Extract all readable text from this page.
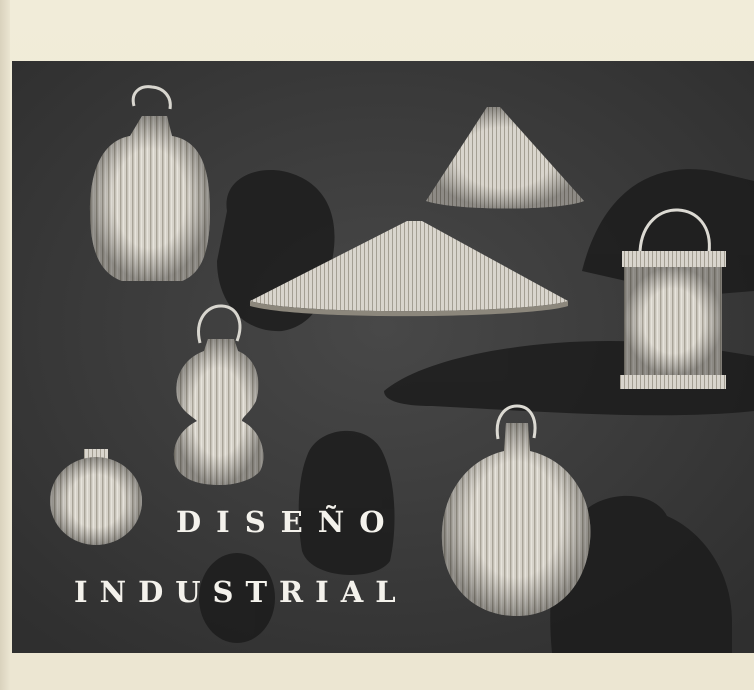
DISEÑO
INDUSTRIAL
